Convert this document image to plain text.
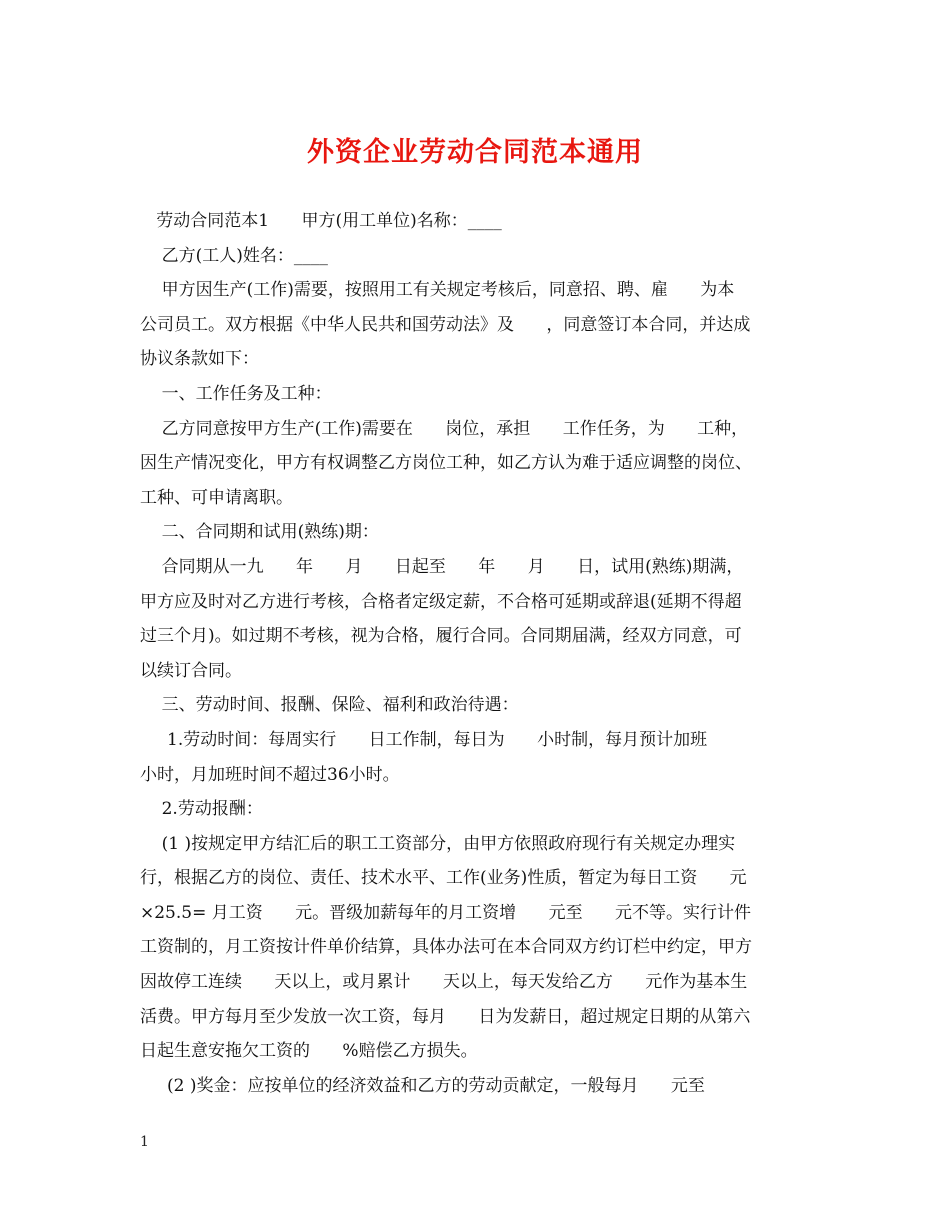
外资企业劳动合同范本通用
劳动合同范本1      甲方(用工单位)名称：____
乙方(工人)姓名：____
甲方因生产(工作)需要，按照用工有关规定考核后，同意招、聘、雇      为本
公司员工。双方根据《中华人民共和国劳动法》及      ，同意签订本合同，并达成
协议条款如下：
一、工作任务及工种：
乙方同意按甲方生产(工作)需要在      岗位，承担      工作任务，为      工种，
因生产情况变化，甲方有权调整乙方岗位工种，如乙方认为难于适应调整的岗位、
工种、可申请离职。
二、合同期和试用(熟练)期：
合同期从一九      年      月      日起至      年      月      日，试用(熟练)期满，
甲方应及时对乙方进行考核，合格者定级定薪，不合格可延期或辞退(延期不得超
过三个月)。如过期不考核，视为合格，履行合同。合同期届满，经双方同意，可
以续订合同。
三、劳动时间、报酬、保险、福利和政治待遇：
1.劳动时间：每周实行      日工作制，每日为      小时制，每月预计加班
小时，月加班时间不超过36小时。
2.劳动报酬：
(1 )按规定甲方结汇后的职工工资部分，由甲方依照政府现行有关规定办理实
行，根据乙方的岗位、责任、技术水平、工作(业务)性质，暂定为每日工资      元
×25.5= 月工资      元。晋级加薪每年的月工资增      元至      元不等。实行计件
工资制的，月工资按计件单价结算，具体办法可在本合同双方约订栏中约定，甲方
因故停工连续      天以上，或月累计      天以上，每天发给乙方      元作为基本生
活费。甲方每月至少发放一次工资，每月      日为发薪日，超过规定日期的从第六
日起生意安拖欠工资的      %赔偿乙方损失。
(2 )奖金：应按单位的经济效益和乙方的劳动贡献定，一般每月      元至
1
